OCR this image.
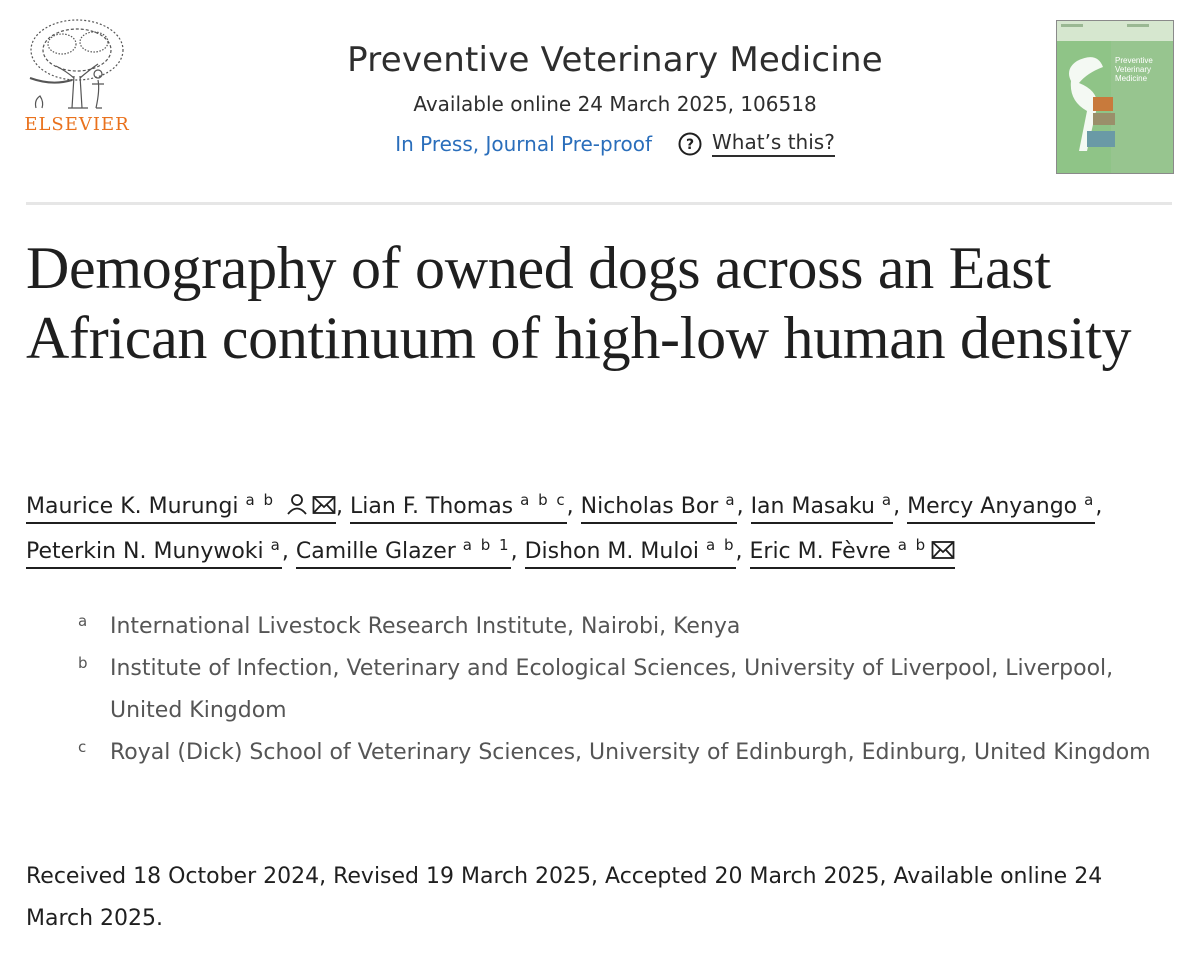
ELSEVIER
Preventive Veterinary Medicine
Available online 24 March 2025, 106518
In Press, Journal Pre-proof ? What’s this?
Preventive Veterinary Medicine
Demography of owned dogs across an East African continuum of high-low human density
Maurice K. Murungi $^{a b}$	, Lian F. Thomas $^{a b c}$, Nicholas Bor $^a$, Ian Masaku $^a$, Mercy Anyango $^a$,
Peterkin N. Munywoki $^a$, Camille Glazer $^{a b 1}$, Dishon M. Muloi $^{a b}$, Eric M. Fèvre $^{a b}$
a International Livestock Research Institute, Nairobi, Kenya
b Institute of Infection, Veterinary and Ecological Sciences, University of Liverpool, Liverpool, United Kingdom
c Royal (Dick) School of Veterinary Sciences, University of Edinburgh, Edinburg, United Kingdom
Received 18 October 2024, Revised 19 March 2025, Accepted 20 March 2025, Available online 24 March 2025.
